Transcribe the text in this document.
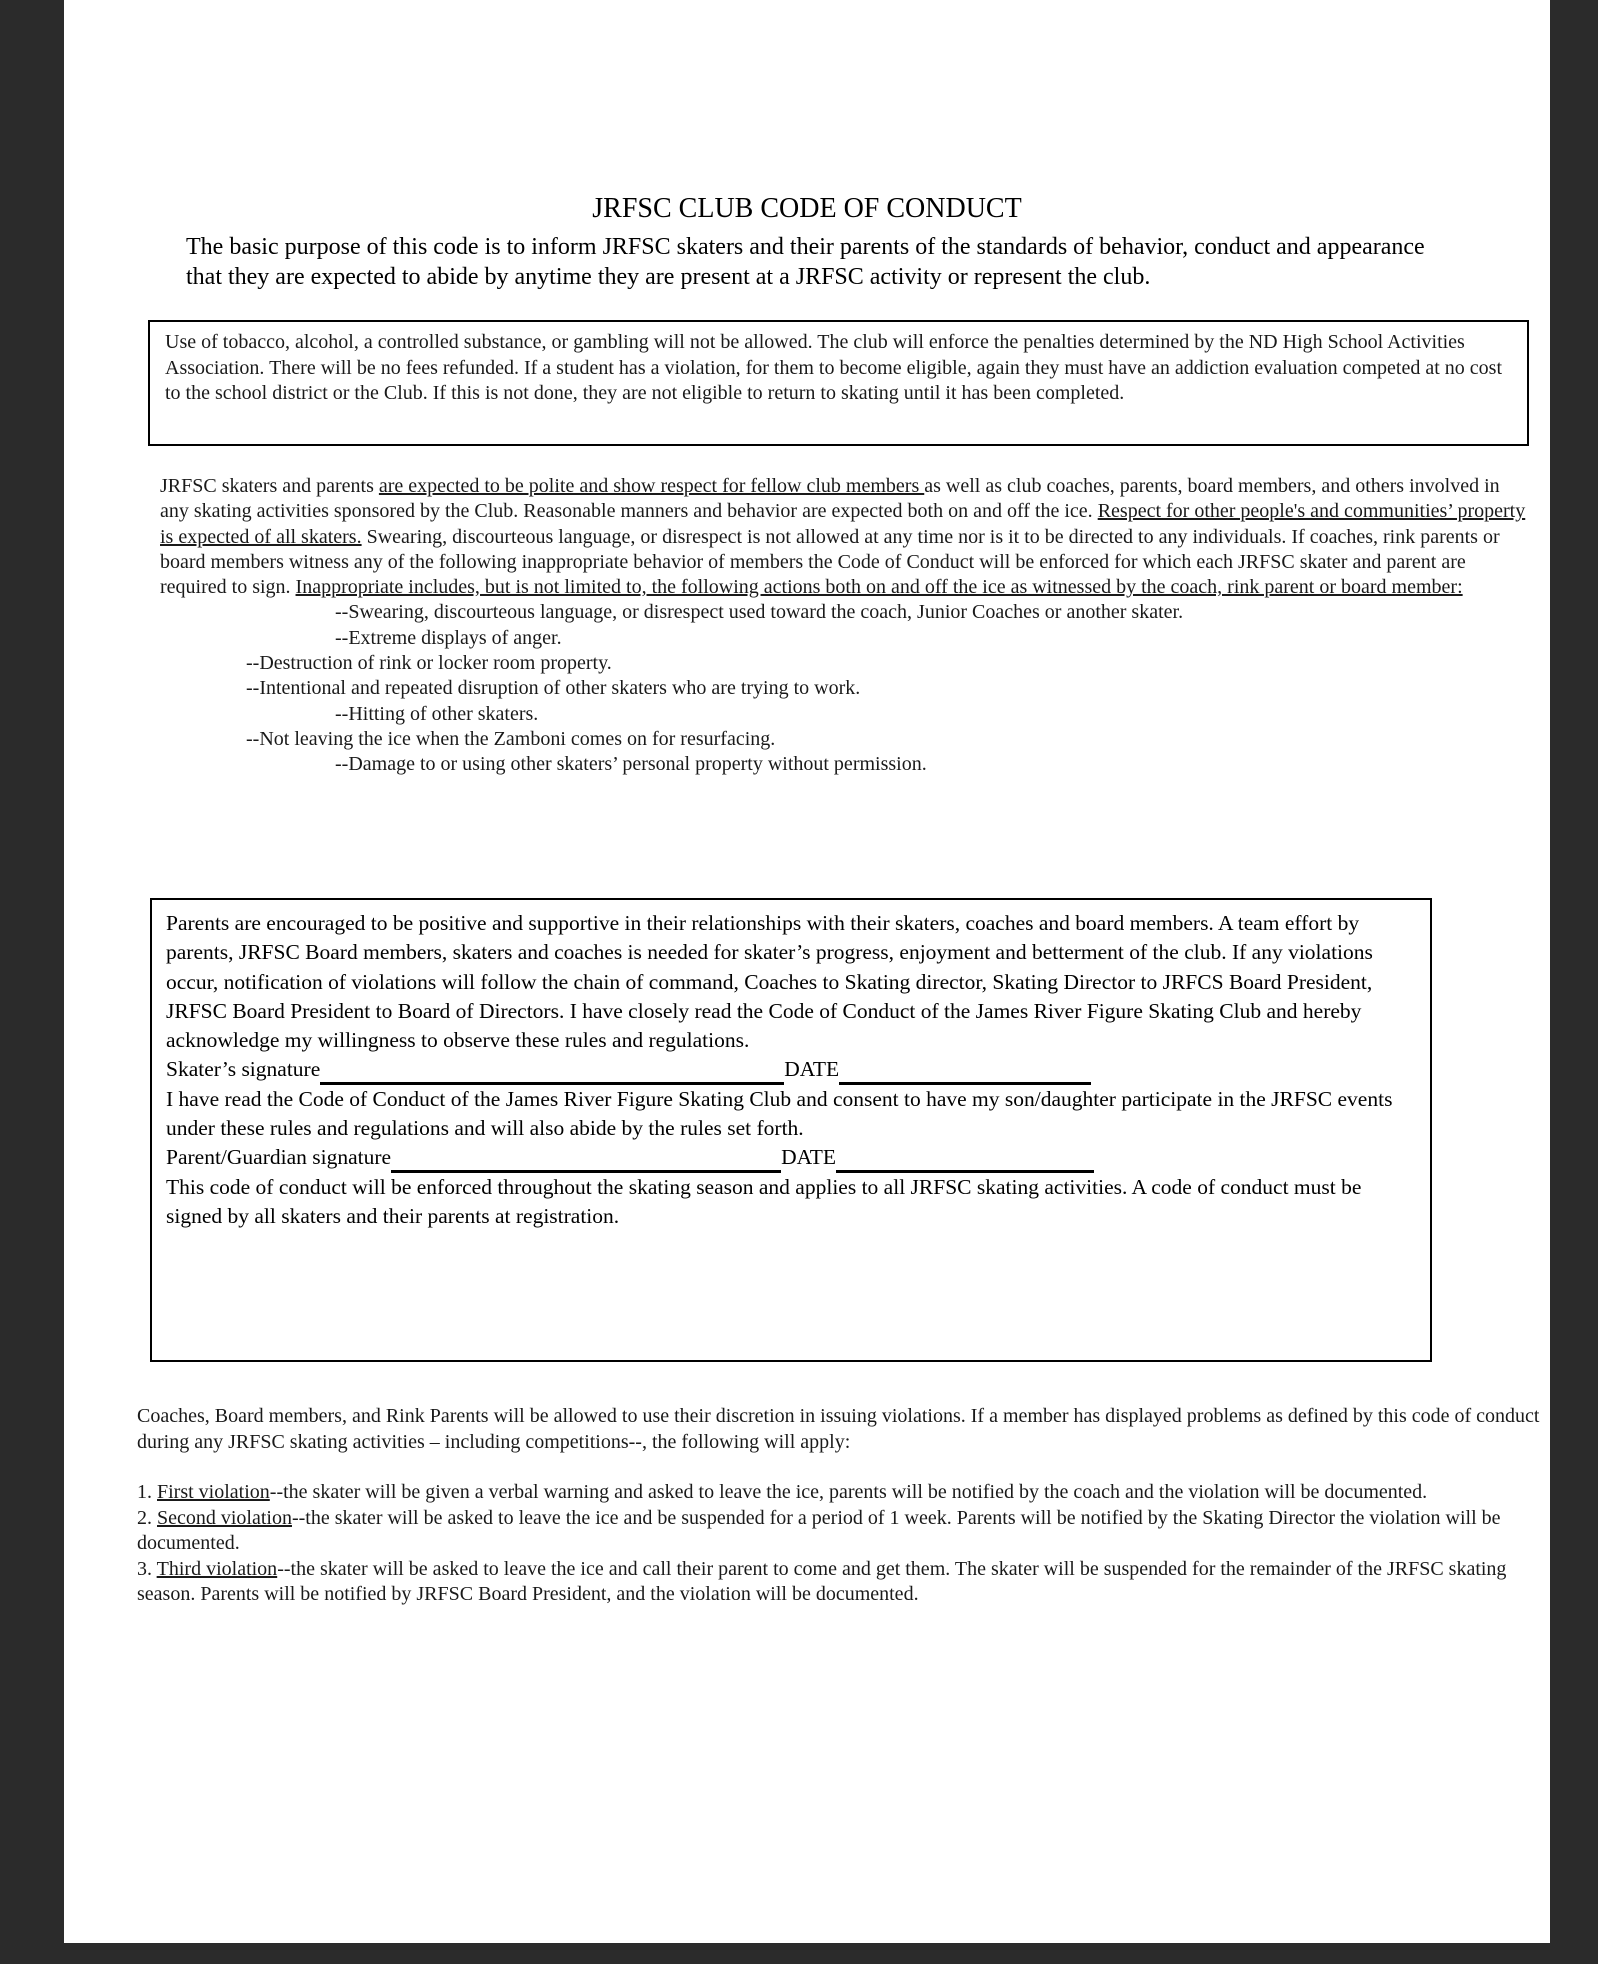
JRFSC CLUB CODE OF CONDUCT
The basic purpose of this code is to inform JRFSC skaters and their parents of the standards of behavior, conduct and appearance that they are expected to abide by anytime they are present at a JRFSC activity or represent the club.

Use of tobacco, alcohol, a controlled substance, or gambling will not be allowed. The club will enforce the penalties determined by the ND High School Activities Association. There will be no fees refunded. If a student has a violation, for them to become eligible, again they must have an addiction evaluation competed at no cost to the school district or the Club. If this is not done, they are not eligible to return to skating until it has been completed.

JRFSC skaters and parents are expected to be polite and show respect for fellow club members as well as club coaches, parents, board members, and others involved in any skating activities sponsored by the Club. Reasonable manners and behavior are expected both on and off the ice. Respect for other people's and communities’ property is expected of all skaters. Swearing, discourteous language, or disrespect is not allowed at any time nor is it to be directed to any individuals. If coaches, rink parents or board members witness any of the following inappropriate behavior of members the Code of Conduct will be enforced for which each JRFSC skater and parent are required to sign. Inappropriate includes, but is not limited to, the following actions both on and off the ice as witnessed by the coach, rink parent or board member:

--Swearing, discourteous language, or disrespect used toward the coach, Junior Coaches or another skater.

--Extreme displays of anger.

--Destruction of rink or locker room property.

--Intentional and repeated disruption of other skaters who are trying to work.

--Hitting of other skaters.

--Not leaving the ice when the Zamboni comes on for resurfacing.

--Damage to or using other skaters’ personal property without permission.

Parents are encouraged to be positive and supportive in their relationships with their skaters, coaches and board members. A team effort by parents, JRFSC Board members, skaters and coaches is needed for skater’s progress, enjoyment and betterment of the club. If any violations occur, notification of violations will follow the chain of command, Coaches to Skating director, Skating Director to JRFCS Board President, JRFSC Board President to Board of Directors. I have closely read the Code of Conduct of the James River Figure Skating Club and hereby acknowledge my willingness to observe these rules and regulations.

Skater’s signature	DATE

I have read the Code of Conduct of the James River Figure Skating Club and consent to have my son/daughter participate in the JRFSC events under these rules and regulations and will also abide by the rules set forth.

Parent/Guardian signature	DATE

This code of conduct will be enforced throughout the skating season and applies to all JRFSC skating activities. A code of conduct must be signed by all skaters and their parents at registration.

Coaches, Board members, and Rink Parents will be allowed to use their discretion in issuing violations. If a member has displayed problems as defined by this code of conduct during any JRFSC skating activities – including competitions--, the following will apply:

1. First violation--the skater will be given a verbal warning and asked to leave the ice, parents will be notified by the coach and the violation will be documented.

2. Second violation--the skater will be asked to leave the ice and be suspended for a period of 1 week. Parents will be notified by the Skating Director the violation will be documented.

3. Third violation--the skater will be asked to leave the ice and call their parent to come and get them. The skater will be suspended for the remainder of the JRFSC skating season. Parents will be notified by JRFSC Board President, and the violation will be documented.
